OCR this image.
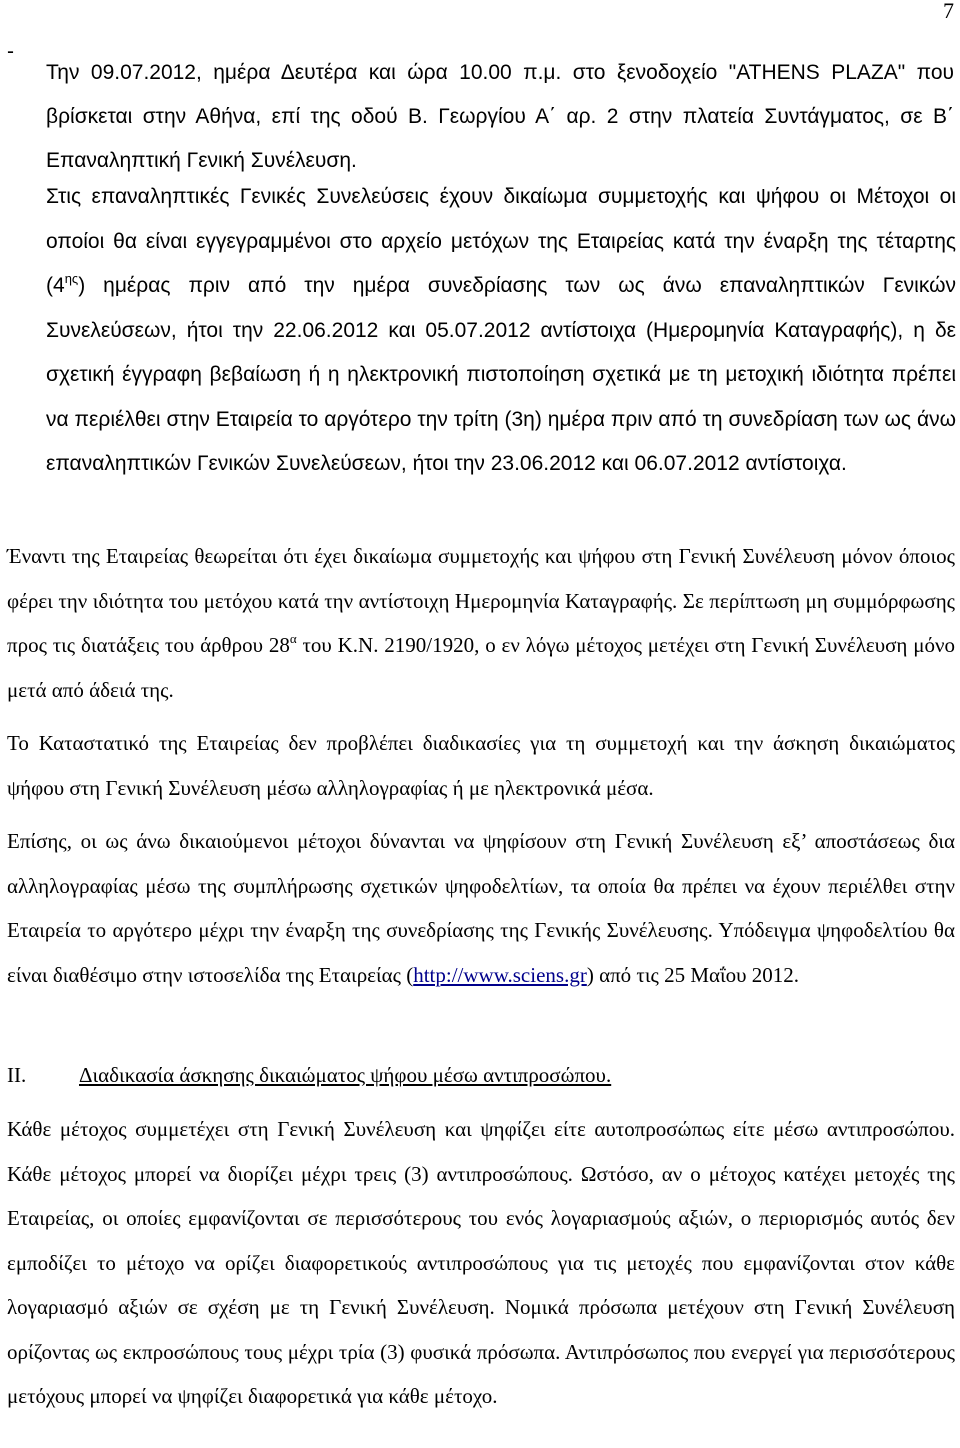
7
-

Την 09.07.2012, ημέρα Δευτέρα και ώρα 10.00 π.μ. στο ξενοδοχείο "ATHENS PLAZA" που βρίσκεται στην Αθήνα, επί της οδού Β. Γεωργίου Α΄ αρ. 2 στην πλατεία Συντάγματος, σε Β΄ Επαναληπτική Γενική Συνέλευση.

Στις επαναληπτικές Γενικές Συνελεύσεις έχουν δικαίωμα συμμετοχής και ψήφου οι Μέτοχοι οι οποίοι θα είναι εγγεγραμμένοι στο αρχείο μετόχων της Εταιρείας κατά την έναρξη της τέταρτης $(4^{\eta\varsigma})$ ημέρας πριν από την ημέρα συνεδρίασης των ως άνω επαναληπτικών Γενικών Συνελεύσεων, ήτοι την 22.06.2012 και 05.07.2012 αντίστοιχα (Ημερομηνία Καταγραφής), η δε σχετική έγγραφη βεβαίωση ή η ηλεκτρονική πιστοποίηση σχετικά με τη μετοχική ιδιότητα πρέπει να περιέλθει στην Εταιρεία το αργότερο την τρίτη (3η) ημέρα πριν από τη συνεδρίαση των ως άνω επαναληπτικών Γενικών Συνελεύσεων, ήτοι την 23.06.2012 και 06.07.2012 αντίστοιχα.

Έναντι της Εταιρείας θεωρείται ότι έχει δικαίωμα συμμετοχής και ψήφου στη Γενική Συνέλευση μόνον όποιος φέρει την ιδιότητα του μετόχου κατά την αντίστοιχη Ημερομηνία Καταγραφής. Σε περίπτωση μη συμμόρφωσης προς τις διατάξεις του άρθρου $28^\alpha$ του Κ.Ν. 2190/1920, ο εν λόγω μέτοχος μετέχει στη Γενική Συνέλευση μόνο μετά από άδειά της.

Το Καταστατικό της Εταιρείας δεν προβλέπει διαδικασίες για τη συμμετοχή και την άσκηση δικαιώματος ψήφου στη Γενική Συνέλευση μέσω αλληλογραφίας ή με ηλεκτρονικά μέσα.

Επίσης, οι ως άνω δικαιούμενοι μέτοχοι δύνανται να ψηφίσουν στη Γενική Συνέλευση εξ’ αποστάσεως δια αλληλογραφίας μέσω της συμπλήρωσης σχετικών ψηφοδελτίων, τα οποία θα πρέπει να έχουν περιέλθει στην Εταιρεία το αργότερο μέχρι την έναρξη της συνεδρίασης της Γενικής Συνέλευσης. Υπόδειγμα ψηφοδελτίου θα είναι διαθέσιμο στην ιστοσελίδα της Εταιρείας (http://www.sciens.gr) από τις 25 Μαΐου 2012.

II.	Διαδικασία άσκησης δικαιώματος ψήφου μέσω αντιπροσώπου.

Κάθε μέτοχος συμμετέχει στη Γενική Συνέλευση και ψηφίζει είτε αυτοπροσώπως είτε μέσω αντιπροσώπου. Κάθε μέτοχος μπορεί να διορίζει μέχρι τρεις (3) αντιπροσώπους. Ωστόσο, αν ο μέτοχος κατέχει μετοχές της Εταιρείας, οι οποίες εμφανίζονται σε περισσότερους του ενός λογαριασμούς αξιών, ο περιορισμός αυτός δεν εμποδίζει το μέτοχο να ορίζει διαφορετικούς αντιπροσώπους για τις μετοχές που εμφανίζονται στον κάθε λογαριασμό αξιών σε σχέση με τη Γενική Συνέλευση. Νομικά πρόσωπα μετέχουν στη Γενική Συνέλευση ορίζοντας ως εκπροσώπους τους μέχρι τρία (3) φυσικά πρόσωπα. Αντιπρόσωπος που ενεργεί για περισσότερους μετόχους μπορεί να ψηφίζει διαφορετικά για κάθε μέτοχο.
